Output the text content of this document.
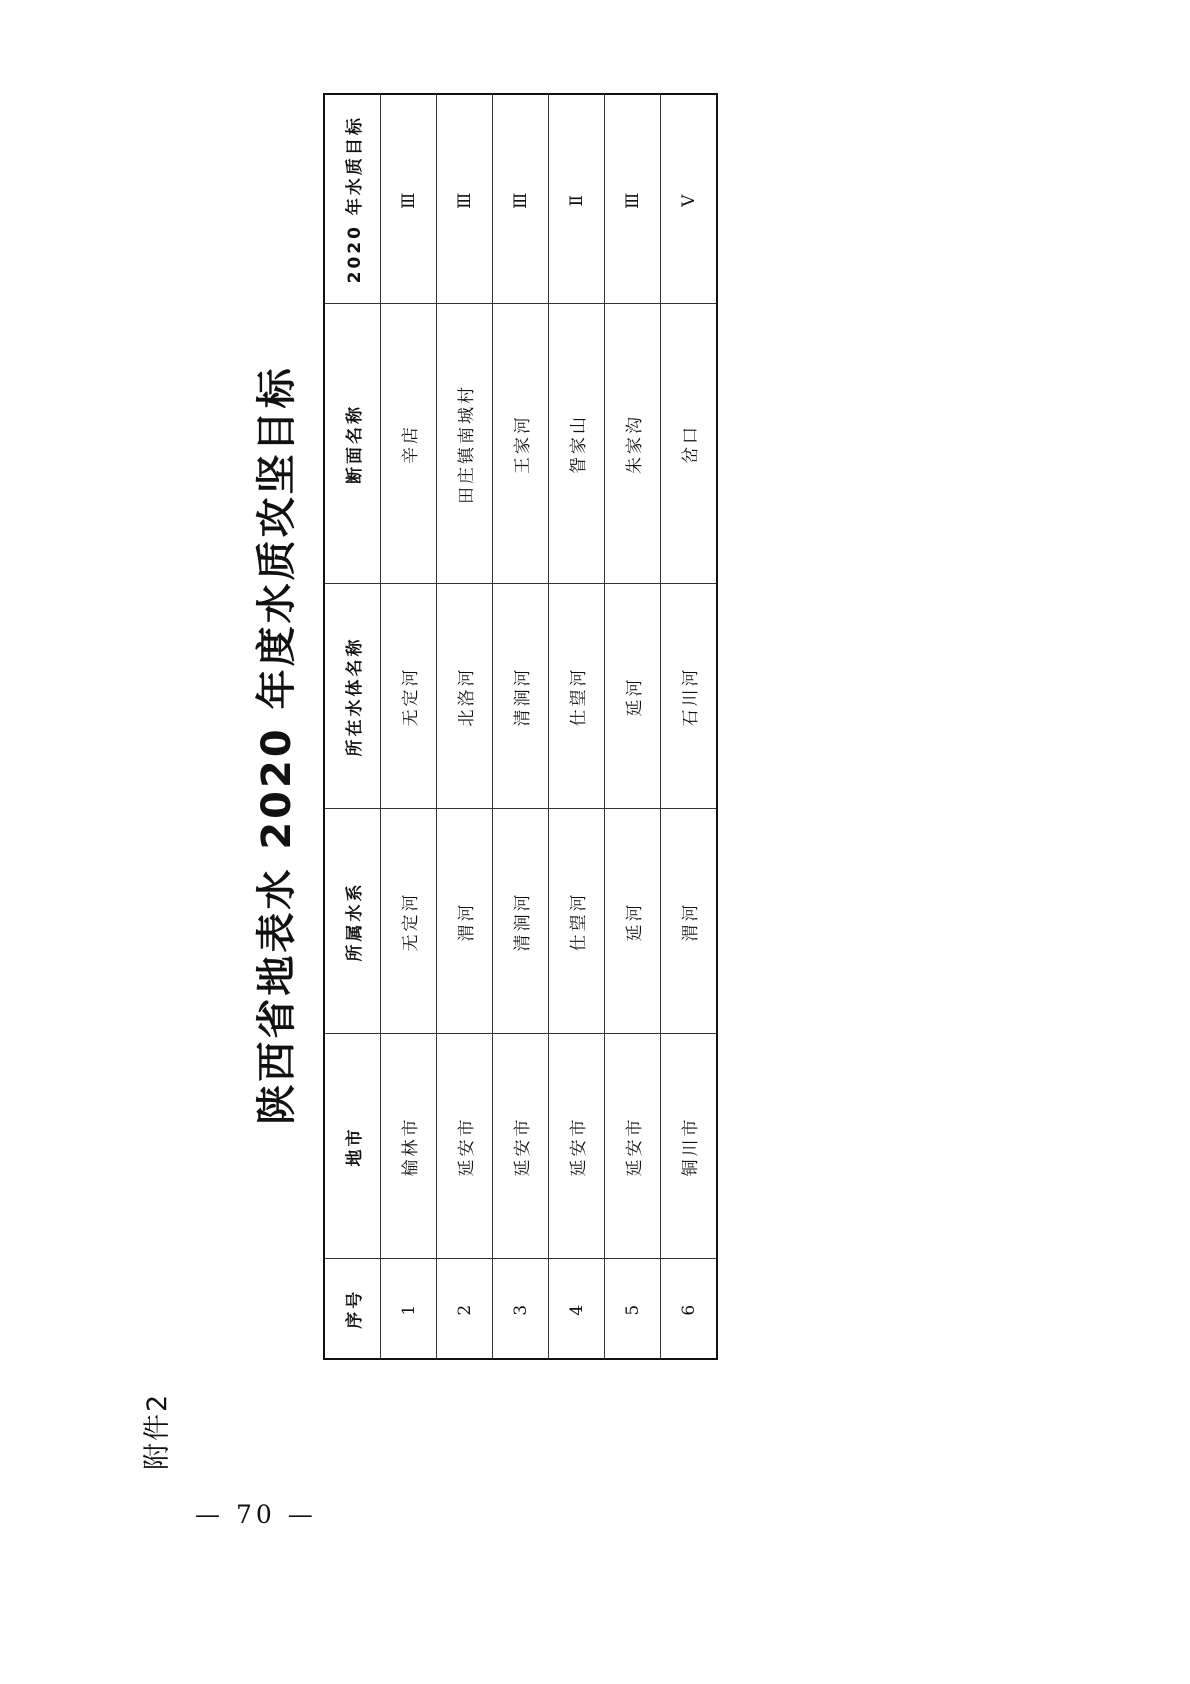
附件2
陕西省地表水 2020 年度水质攻坚目标
序号	地市	所属水系	所在水体名称	断面名称	2020 年水质目标
1	榆林市	无定河	无定河	辛店	Ⅲ
2	延安市	渭河	北洛河	田庄镇南城村	Ⅲ
3	延安市	清涧河	清涧河	王家河	Ⅲ
4	延安市	仕望河	仕望河	眢家山	Ⅱ
5	延安市	延河	延河	朱家沟	Ⅲ
6	铜川市	渭河	石川河	岔口	Ⅴ
— 70 —
